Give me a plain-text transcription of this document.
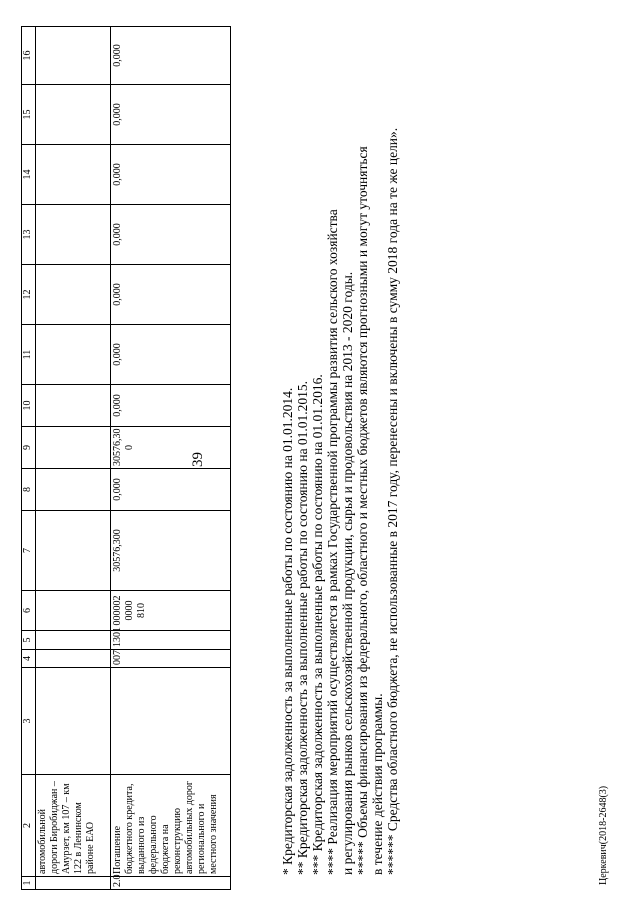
39
1	2	3	4	5	6	7	8	9	10	11	12	13	14	15	16
	автомобильной дороги Биробиджан – Амурзет, км 107 – км 122 в Ленинском районе ЕАО														
2.0	Погашение бюджетного кредита, выданного из федерального бюджета на реконструкцию автомобильных дорог регионального и местного значения		007	1301	000002 0000 810	30576,300	0,000	30576,30 0	0,000	0,000	0,000	0,000	0,000	0,000	0,000
* Кредиторская задолженность за выполненные работы по состоянию на 01.01.2014. ** Кредиторская задолженность за выполненные работы по состоянию на 01.01.2015. *** Кредиторская задолженность за выполненные работы по состоянию на 01.01.2016. **** Реализация мероприятий осуществляется в рамках Государственной программы развития сельского хозяйства и регулирования рынков сельскохозяйственной продукции, сырья и продовольствия на 2013 - 2020 годы. ***** Объемы финансирования из федерального, областного и местных бюджетов являются прогнозными и могут уточняться в течение действия программы. ****** Средства областного бюджета, не использованные в 2017 году, перенесены и включены в сумму 2018 года на те же цели».	Церкевич(2018-2648(3)
